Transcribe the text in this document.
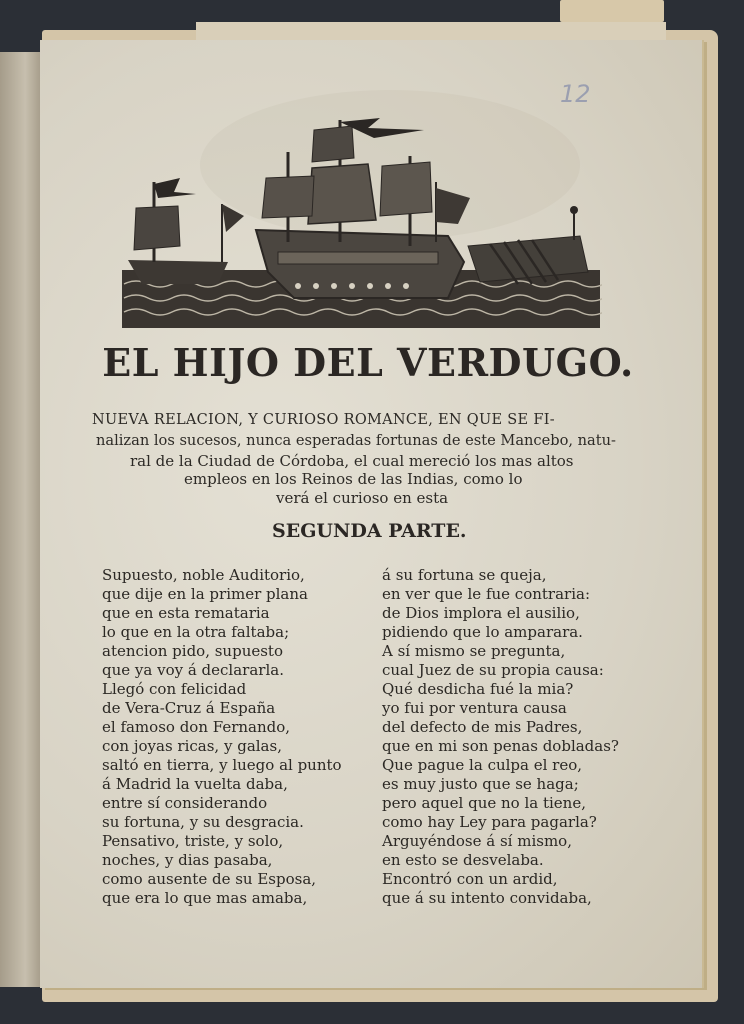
12
EL HIJO DEL VERDUGO.
NUEVA RELACION, Y CURIOSO ROMANCE, EN QUE SE FI-
nalizan los sucesos, nunca esperadas fortunas de este Mancebo, natu-
ral de la Ciudad de Córdoba, el cual mereció los mas altos
empleos en los Reinos de las Indias, como lo
verá el curioso en esta
SEGUNDA PARTE.
Supuesto, noble Auditorio,
que dije en la primer plana
que en esta remataria
lo que en la otra faltaba;
atencion pido, supuesto
que ya voy á declararla.
Llegó con felicidad
de Vera-Cruz á España
el famoso don Fernando,
con joyas ricas, y galas,
saltó en tierra, y luego al punto
á Madrid la vuelta daba,
entre sí considerando
su fortuna, y su desgracia.
Pensativo, triste, y solo,
noches, y dias pasaba,
como ausente de su Esposa,
que era lo que mas amaba,
á su fortuna se queja,
en ver que le fue contraria:
de Dios implora el ausilio,
pidiendo que lo amparara.
A sí mismo se pregunta,
cual Juez de su propia causa:
Qué desdicha fué la mia?
yo fui por ventura causa
del defecto de mis Padres,
que en mi son penas dobladas?
Que pague la culpa el reo,
es muy justo que se haga;
pero aquel que no la tiene,
como hay Ley para pagarla?
Arguyéndose á sí mismo,
en esto se desvelaba.
Encontró con un ardid,
que á su intento convidaba,
